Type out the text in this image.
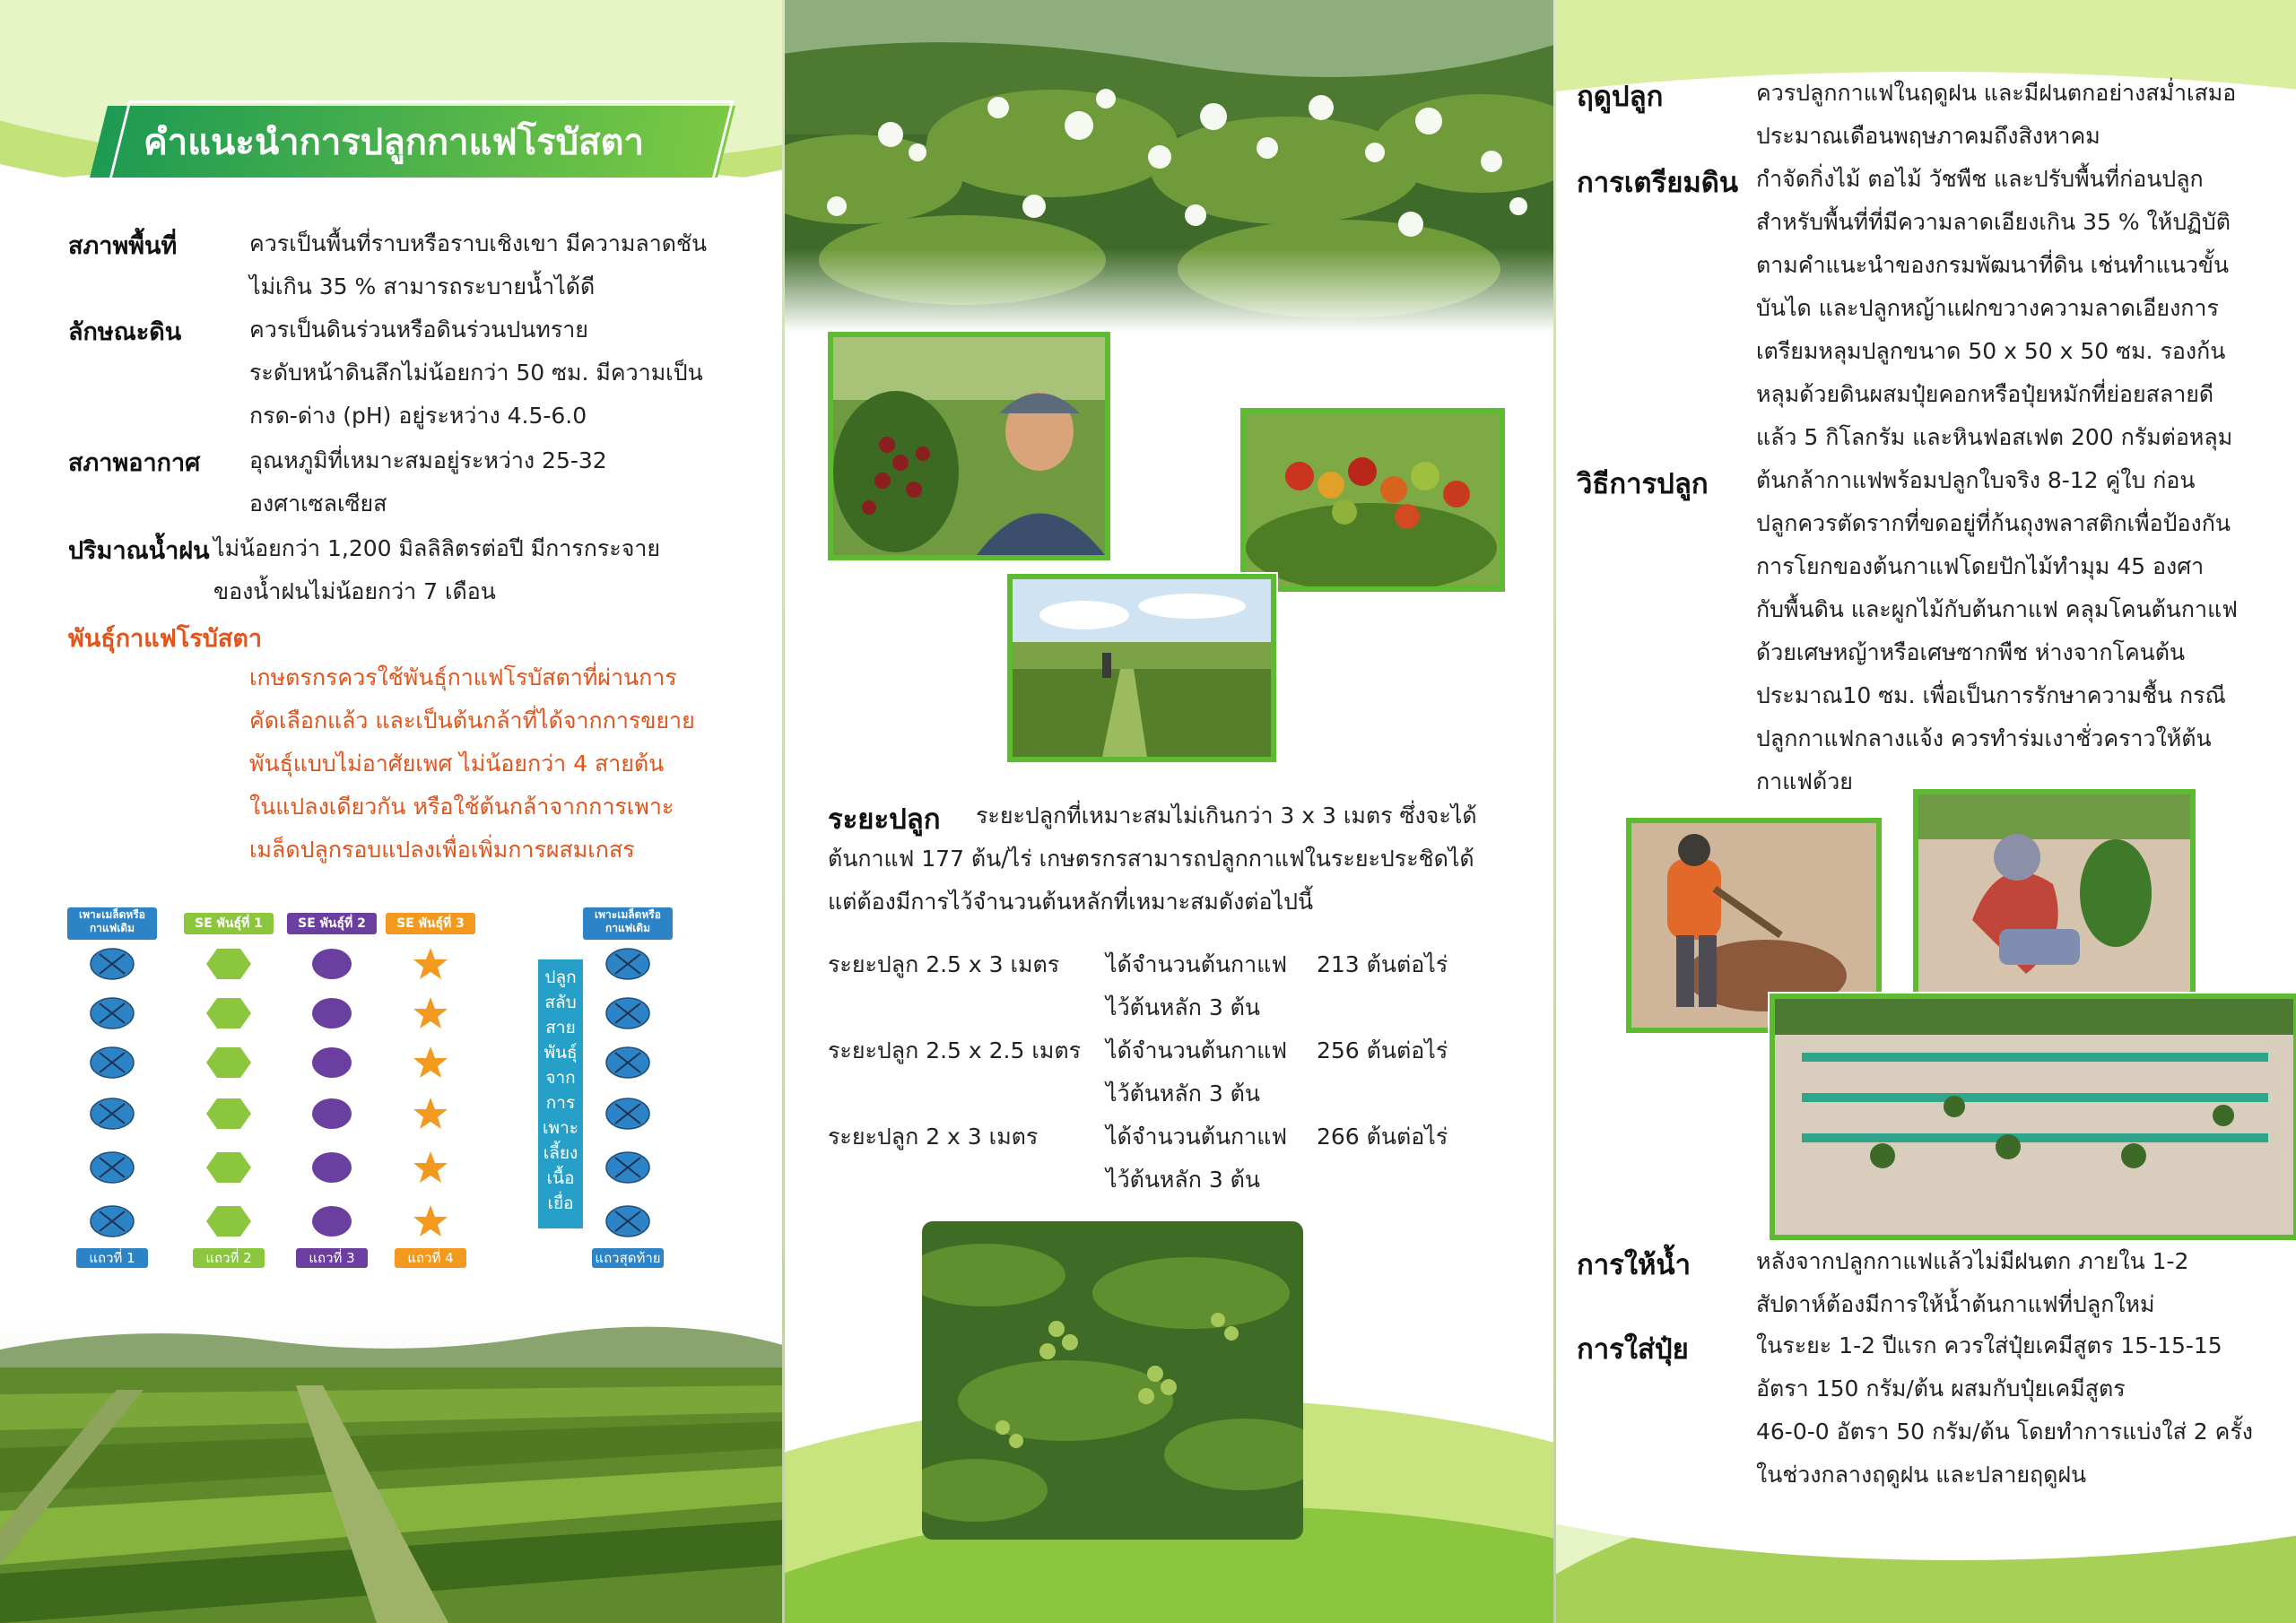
คำแนะนำการปลูกกาแฟโรบัสตา
สภาพพื้นที่	ควรเป็นพื้นที่ราบหรือราบเชิงเขา มีความลาดชัน
ไม่เกิน 35 % สามารถระบายน้ำได้ดี
ลักษณะดิน	ควรเป็นดินร่วนหรือดินร่วนปนทราย
ระดับหน้าดินลึกไม่น้อยกว่า 50 ซม. มีความเป็น
กรด-ด่าง (pH) อยู่ระหว่าง 4.5-6.0
สภาพอากาศ อุณหภูมิที่เหมาะสมอยู่ระหว่าง 25-32
องศาเซลเซียส
ปริมาณน้ำฝน ไม่น้อยกว่า 1,200 มิลลิลิตรต่อปี มีการกระจาย
ของน้ำฝนไม่น้อยกว่า 7 เดือน
พันธุ์กาแฟโรบัสตา
เกษตรกรควรใช้พันธุ์กาแฟโรบัสตาที่ผ่านการ
คัดเลือกแล้ว และเป็นต้นกล้าที่ได้จากการขยาย
พันธุ์แบบไม่อาศัยเพศ ไม่น้อยกว่า 4 สายต้น
ในแปลงเดียวกัน หรือใช้ต้นกล้าจากการเพาะ
เมล็ดปลูกรอบแปลงเพื่อเพิ่มการผสมเกสร
ปลูก
สลับ
สาย
พันธุ์
จาก
การ
เพาะ
เลี้ยง
เนื้อ
เยื่อ
เพาะเมล็ดหรือ
กาแฟเดิม
แถวที่ 1
SE พันธุ์ที่ 1
แถวที่ 2
SE พันธุ์ที่ 2
แถวที่ 3
SE พันธุ์ที่ 3
แถวที่ 4
เพาะเมล็ดหรือ
กาแฟเดิม
แถวสุดท้าย
ระยะปลูก	ระยะปลูกที่เหมาะสมไม่เกินกว่า 3 x 3 เมตร ซึ่งจะได้
ต้นกาแฟ 177 ต้น/ไร่ เกษตรกรสามารถปลูกกาแฟในระยะประชิดได้
แต่ต้องมีการไว้จำนวนต้นหลักที่เหมาะสมดังต่อไปนี้
ระยะปลูก 2.5 x 3 เมตร ได้จำนวนต้นกาแฟ 213 ต้นต่อไร่
ไว้ต้นหลัก 3 ต้น
ระยะปลูก 2.5 x 2.5 เมตร ได้จำนวนต้นกาแฟ 256 ต้นต่อไร่
ไว้ต้นหลัก 3 ต้น
ระยะปลูก 2 x 3 เมตร	ได้จำนวนต้นกาแฟ 266 ต้นต่อไร่
ไว้ต้นหลัก 3 ต้น
ฤดูปลูก	ควรปลูกกาแฟในฤดูฝน และมีฝนตกอย่างสม่ำเสมอ
ประมาณเดือนพฤษภาคมถึงสิงหาคม
การเตรียมดิน กำจัดกิ่งไม้ ตอไม้ วัชพืช และปรับพื้นที่ก่อนปลูก
สำหรับพื้นที่ที่มีความลาดเอียงเกิน 35 % ให้ปฏิบัติ
ตามคำแนะนำของกรมพัฒนาที่ดิน เช่นทำแนวขั้น
บันได และปลูกหญ้าแฝกขวางความลาดเอียงการ
เตรียมหลุมปลูกขนาด 50 x 50 x 50 ซม. รองก้น
หลุมด้วยดินผสมปุ๋ยคอกหรือปุ๋ยหมักที่ย่อยสลายดี
แล้ว 5 กิโลกรัม และหินฟอสเฟต 200 กรัมต่อหลุม
วิธีการปลูก ต้นกล้ากาแฟพร้อมปลูกใบจริง 8-12 คู่ใบ ก่อน
ปลูกควรตัดรากที่ขดอยู่ที่ก้นถุงพลาสติกเพื่อป้องกัน
การโยกของต้นกาแฟโดยปักไม้ทำมุม 45 องศา
กับพื้นดิน และผูกไม้กับต้นกาแฟ คลุมโคนต้นกาแฟ
ด้วยเศษหญ้าหรือเศษซากพืช ห่างจากโคนต้น
ประมาณ10 ซม. เพื่อเป็นการรักษาความชื้น กรณี
ปลูกกาแฟกลางแจ้ง ควรทำร่มเงาชั่วคราวให้ต้น
กาแฟด้วย
การให้น้ำ	หลังจากปลูกกาแฟแล้วไม่มีฝนตก ภายใน 1-2
สัปดาห์ต้องมีการให้น้ำต้นกาแฟที่ปลูกใหม่
การใส่ปุ๋ย	ในระยะ 1-2 ปีแรก ควรใส่ปุ๋ยเคมีสูตร 15-15-15
อัตรา 150 กรัม/ต้น ผสมกับปุ๋ยเคมีสูตร
46-0-0 อัตรา 50 กรัม/ต้น โดยทำการแบ่งใส่ 2 ครั้ง
ในช่วงกลางฤดูฝน และปลายฤดูฝน
